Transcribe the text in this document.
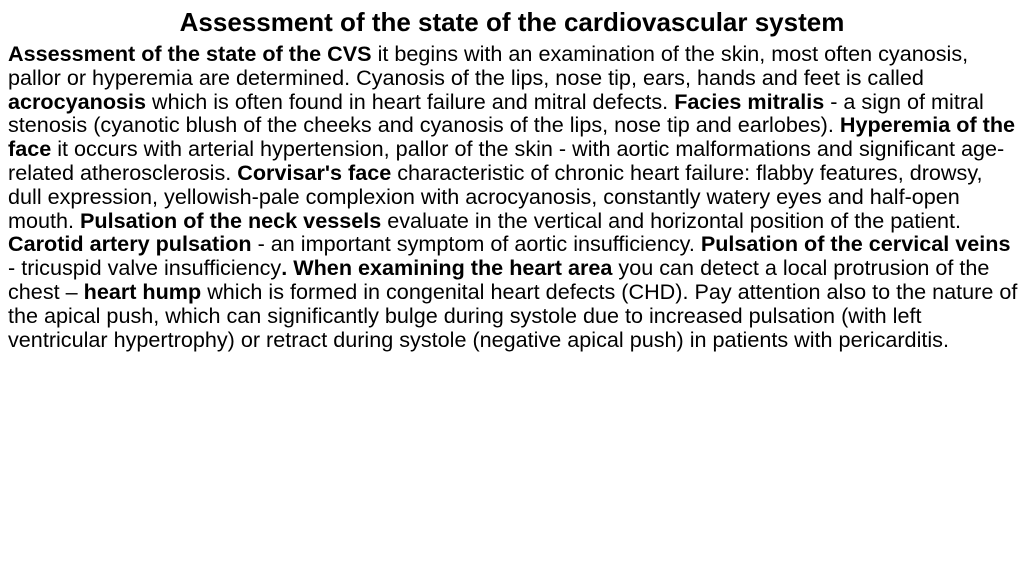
Assessment of the state of the cardiovascular system

Assessment of the state of the CVS it begins with an examination of the skin, most often cyanosis, pallor or hyperemia are determined. Cyanosis of the lips, nose tip, ears, hands and feet is called acrocyanosis which is often found in heart failure and mitral defects. Facies mitralis - a sign of mitral stenosis (cyanotic blush of the cheeks and cyanosis of the lips, nose tip and earlobes). Hyperemia of the face it occurs with arterial hypertension, pallor of the skin - with aortic malformations and significant age-related atherosclerosis. Corvisar's face characteristic of chronic heart failure: flabby features, drowsy, dull expression, yellowish-pale complexion with acrocyanosis, constantly watery eyes and half-open mouth. Pulsation of the neck vessels evaluate in the vertical and horizontal position of the patient. Carotid artery pulsation - an important symptom of aortic insufficiency. Pulsation of the cervical veins - tricuspid valve insufficiency. When examining the heart area you can detect a local protrusion of the chest – heart hump which is formed in congenital heart defects (CHD). Pay attention also to the nature of the apical push, which can significantly bulge during systole due to increased pulsation (with left ventricular hypertrophy) or retract during systole (negative apical push) in patients with pericarditis.
